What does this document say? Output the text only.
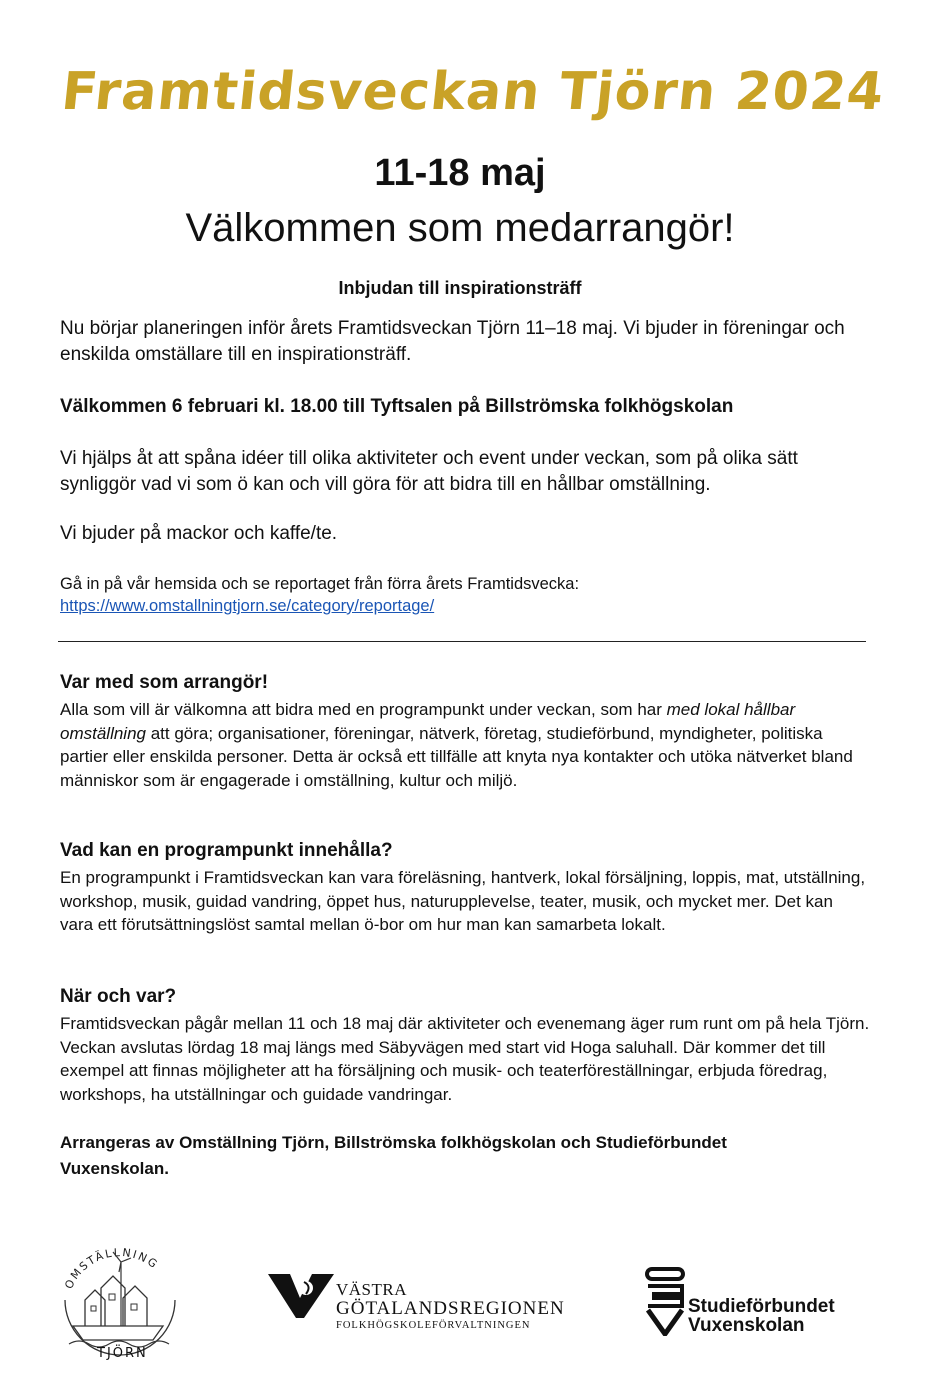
Framtidsveckan Tjörn 2024
11-18 maj
Välkommen som medarrangör!
Inbjudan till inspirationsträff

Nu börjar planeringen inför årets Framtidsveckan Tjörn 11–18 maj. Vi bjuder in föreningar och enskilda omställare till en inspirationsträff.

Välkommen 6 februari kl. 18.00 till Tyftsalen på Billströmska folkhögskolan

Vi hjälps åt att spåna idéer till olika aktiviteter och event under veckan, som på olika sätt synliggör vad vi som ö kan och vill göra för att bidra till en hållbar omställning.

Vi bjuder på mackor och kaffe/te.

Gå in på vår hemsida och se reportaget från förra årets Framtidsvecka:
https://www.omstallningtjorn.se/category/reportage/

Var med som arrangör!

Alla som vill är välkomna att bidra med en programpunkt under veckan, som har med lokal hållbar omställning att göra; organisationer, föreningar, nätverk, företag, studieförbund, myndigheter, politiska partier eller enskilda personer. Detta är också ett tillfälle att knyta nya kontakter och utöka nätverket bland människor som är engagerade i omställning, kultur och miljö.

Vad kan en programpunkt innehålla?

En programpunkt i Framtidsveckan kan vara föreläsning, hantverk, lokal försäljning, loppis, mat, utställning, workshop, musik, guidad vandring, öppet hus, naturupplevelse, teater, musik, och mycket mer. Det kan vara ett förutsättningslöst samtal mellan ö-bor om hur man kan samarbeta lokalt.

När och var?

Framtidsveckan pågår mellan 11 och 18 maj där aktiviteter och evenemang äger rum runt om på hela Tjörn. Veckan avslutas lördag 18 maj längs med Säbyvägen med start vid Hoga saluhall. Där kommer det till exempel att finnas möjligheter att ha försäljning och musik- och teaterföreställningar, erbjuda föredrag, workshops, ha utställningar och guidade vandringar.

Arrangeras av Omställning Tjörn, Billströmska folkhögskolan och Studieförbundet Vuxenskolan.

OMSTÄLLNING
TJÖRN
VÄSTRA
GÖTALANDSREGIONEN
FOLKHÖGSKOLEFÖRVALTNINGEN
Studieförbundet
Vuxenskolan
